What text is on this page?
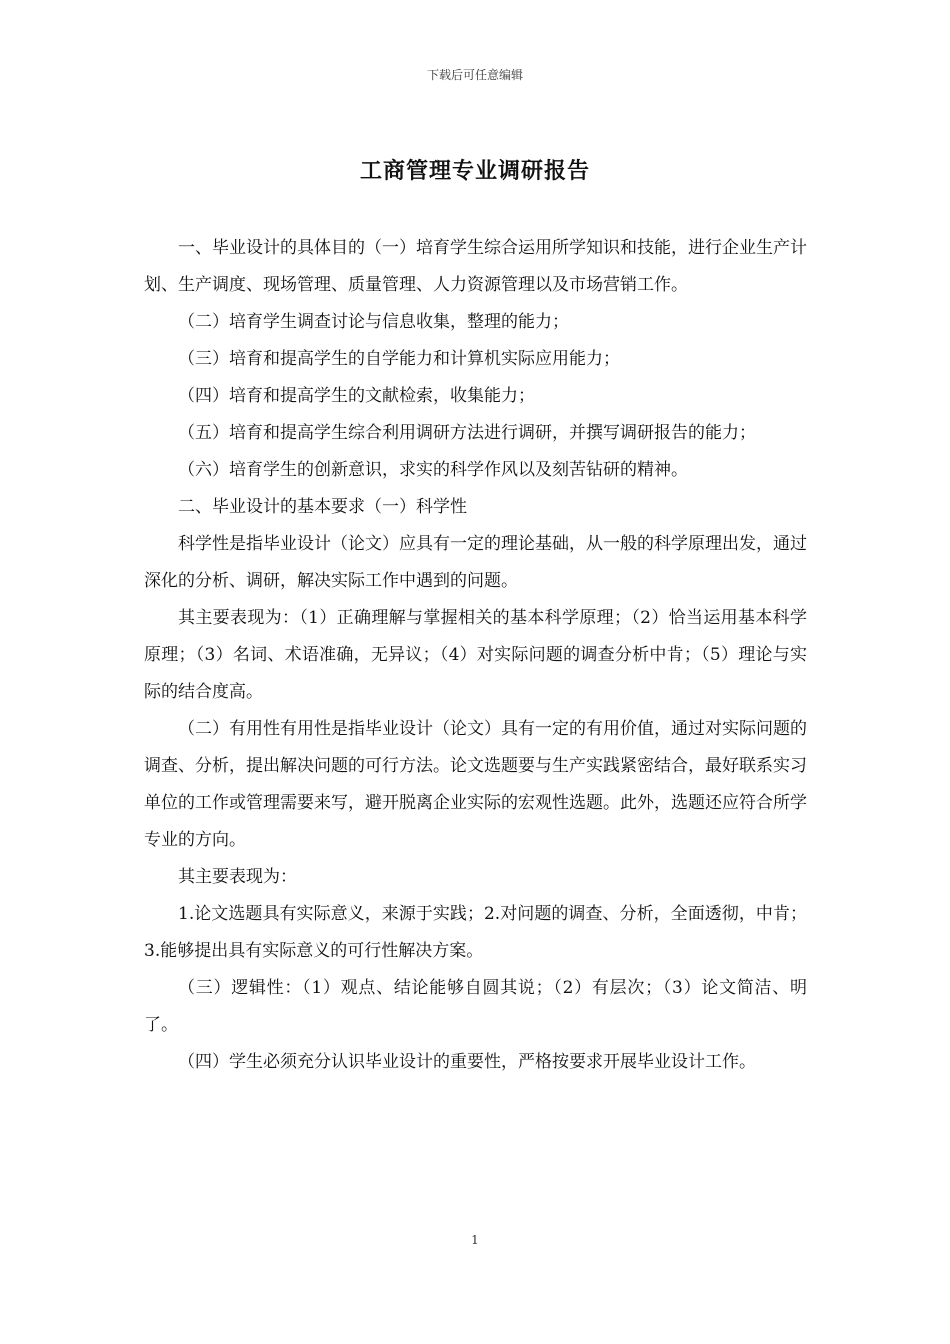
下载后可任意编辑
工商管理专业调研报告

一、毕业设计的具体目的（一）培育学生综合运用所学知识和技能，进行企业生产计划、生产调度、现场管理、质量管理、人力资源管理以及市场营销工作。

（二）培育学生调查讨论与信息收集，整理的能力；

（三）培育和提高学生的自学能力和计算机实际应用能力；

（四）培育和提高学生的文献检索，收集能力；

（五）培育和提高学生综合利用调研方法进行调研，并撰写调研报告的能力；

（六）培育学生的创新意识，求实的科学作风以及刻苦钻研的精神。

二、毕业设计的基本要求（一）科学性

科学性是指毕业设计（论文）应具有一定的理论基础，从一般的科学原理出发，通过深化的分析、调研，解决实际工作中遇到的问题。

其主要表现为：（1）正确理解与掌握相关的基本科学原理；（2）恰当运用基本科学原理；（3）名词、术语准确，无异议；（4）对实际问题的调查分析中肯；（5）理论与实际的结合度高。

（二）有用性有用性是指毕业设计（论文）具有一定的有用价值，通过对实际问题的调查、分析，提出解决问题的可行方法。论文选题要与生产实践紧密结合，最好联系实习单位的工作或管理需要来写，避开脱离企业实际的宏观性选题。此外，选题还应符合所学专业的方向。

其主要表现为：

1.论文选题具有实际意义，来源于实践；2.对问题的调查、分析，全面透彻，中肯；3.能够提出具有实际意义的可行性解决方案。

（三）逻辑性：（1）观点、结论能够自圆其说；（2）有层次；（3）论文简洁、明了。

（四）学生必须充分认识毕业设计的重要性，严格按要求开展毕业设计工作。

1
